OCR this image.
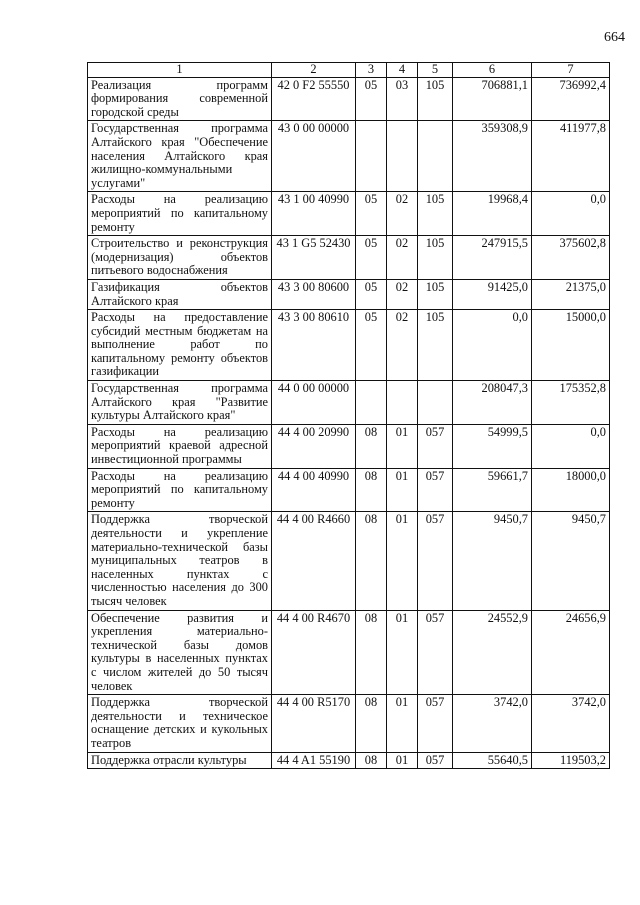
664
1	2	3	4	5	6	7
Реализация программ формирования современной городской среды	42 0 F2 55550	05	03	105	706881,1	736992,4
Государственная программа Алтайского края "Обеспечение населения Алтайского края жилищно-коммунальными услугами"	43 0 00 00000				359308,9	411977,8
Расходы на реализацию мероприятий по капитальному ремонту	43 1 00 40990	05	02	105	19968,4	0,0
Строительство и реконструкция (модернизация) объектов питьевого водоснабжения	43 1 G5 52430	05	02	105	247915,5	375602,8
Газификация объектов Алтайского края	43 3 00 80600	05	02	105	91425,0	21375,0
Расходы на предоставление субсидий местным бюджетам на выполнение работ по капитальному ремонту объектов газификации	43 3 00 80610	05	02	105	0,0	15000,0
Государственная программа Алтайского края "Развитие культуры Алтайского края"	44 0 00 00000				208047,3	175352,8
Расходы на реализацию мероприятий краевой адресной инвестиционной программы	44 4 00 20990	08	01	057	54999,5	0,0
Расходы на реализацию мероприятий по капитальному ремонту	44 4 00 40990	08	01	057	59661,7	18000,0
Поддержка творческой деятельности и укрепление материально-технической базы муниципальных театров в населенных пунктах с численностью населения до 300 тысяч человек	44 4 00 R4660	08	01	057	9450,7	9450,7
Обеспечение развития и укрепления материально-технической базы домов культуры в населенных пунктах с числом жителей до 50 тысяч человек	44 4 00 R4670	08	01	057	24552,9	24656,9
Поддержка творческой деятельности и техническое оснащение детских и кукольных театров	44 4 00 R5170	08	01	057	3742,0	3742,0
Поддержка отрасли культуры	44 4 A1 55190	08	01	057	55640,5	119503,2
